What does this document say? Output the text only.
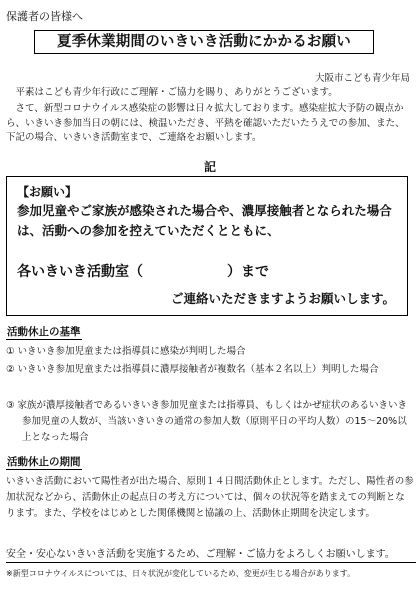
保護者の皆様へ
夏季休業期間のいきいき活動にかかるお願い
大阪市こども青少年局
平素はこども青少年行政にご理解・ご協力を賜り、ありがとうございます。
さて、新型コロナウイルス感染症の影響は日々拡大しております。感染症拡大予防の観点から、いきいき参加当日の朝には、検温いただき、平熱を確認いただいたうえでの参加、また、下記の場合、いきいき活動室まで、ご連絡をお願いします。
記
【お願い】
参加児童やご家族が感染された場合や、濃厚接触者となられた場合は、活動への参加を控えていただくとともに、
各いきいき活動室（　　　　　　）まで
ご連絡いただきますようお願いします。
活動休止の基準
① いきいき参加児童または指導員に感染が判明した場合
② いきいき参加児童または指導員に濃厚接触者が複数名（基本２名以上）判明した場合
③ 家族が濃厚接触者であるいきいき参加児童または指導員、もしくはかぜ症状のあるいきいき参加児童の人数が、当該いきいきの通常の参加人数（原則平日の平均人数）の15～20%以上となった場合
活動休止の期間
いきいき活動において陽性者が出た場合、原則１４日間活動休止とします。ただし、陽性者の参加状況などから、活動休止の起点日の考え方については、個々の状況等を踏まえての判断となります。また、学校をはじめとした関係機関と協議の上、活動休止期間を決定します。
安全・安心ないきいき活動を実施するため、ご理解・ご協力をよろしくお願いします。
※新型コロナウイルスについては、日々状況が変化しているため、変更が生じる場合があります。
